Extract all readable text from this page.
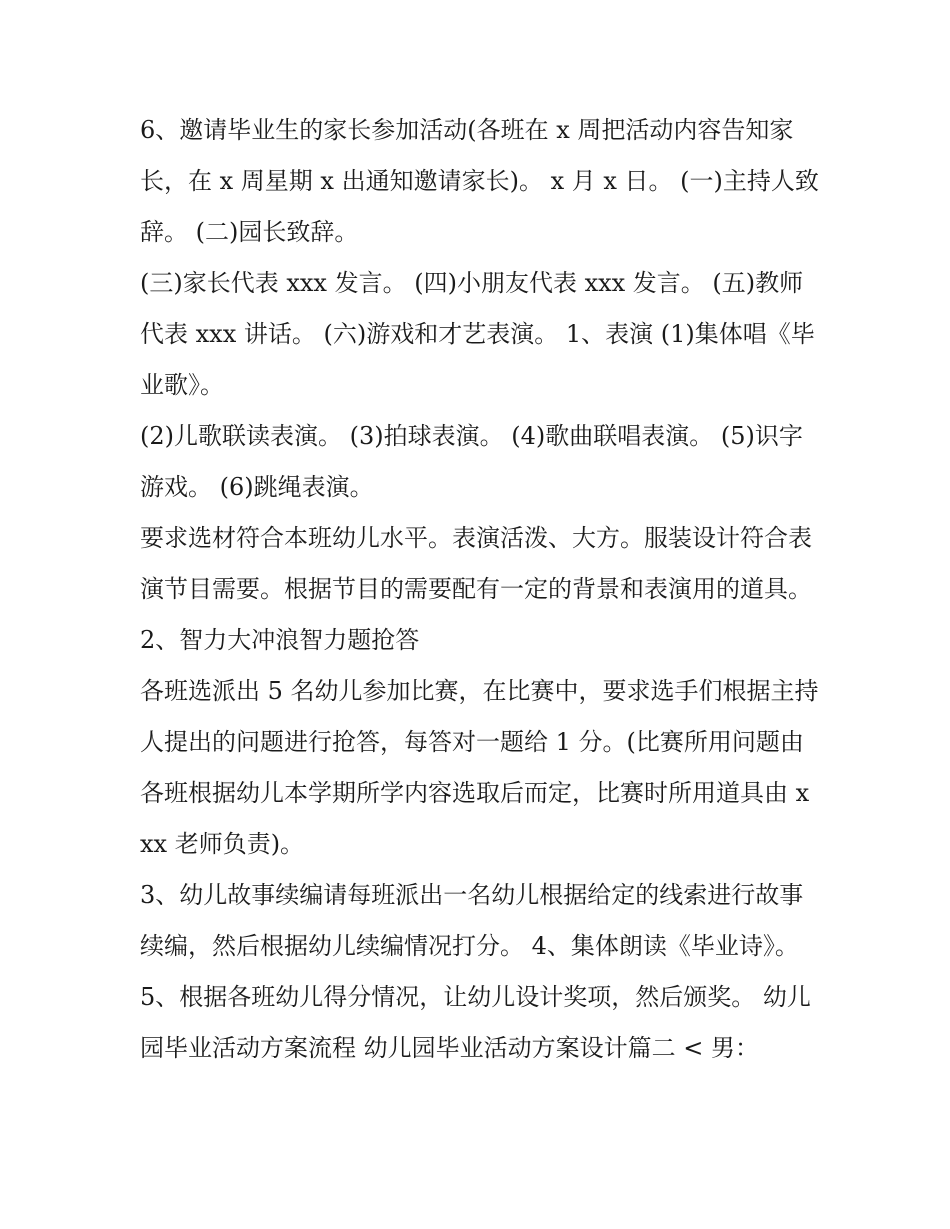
6、邀请毕业生的家长参加活动(各班在 x 周把活动内容告知家长，在 x 周星期 x 出通知邀请家长)。 x 月 x 日。 (一)主持人致辞。 (二)园长致辞。

(三)家长代表 xxx 发言。 (四)小朋友代表 xxx 发言。 (五)教师代表 xxx 讲话。 (六)游戏和才艺表演。 1、表演 (1)集体唱《毕业歌》。

(2)儿歌联读表演。 (3)拍球表演。 (4)歌曲联唱表演。 (5)识字游戏。 (6)跳绳表演。

要求选材符合本班幼儿水平。表演活泼、大方。服装设计符合表演节目需要。根据节目的需要配有一定的背景和表演用的道具。 2、智力大冲浪智力题抢答

各班选派出 5 名幼儿参加比赛，在比赛中，要求选手们根据主持人提出的问题进行抢答，每答对一题给 1 分。(比赛所用问题由各班根据幼儿本学期所学内容选取后而定，比赛时所用道具由 xxx 老师负责)。

3、幼儿故事续编请每班派出一名幼儿根据给定的线索进行故事续编，然后根据幼儿续编情况打分。 4、集体朗读《毕业诗》。

5、根据各班幼儿得分情况，让幼儿设计奖项，然后颁奖。 幼儿园毕业活动方案流程 幼儿园毕业活动方案设计篇二 < 男：
